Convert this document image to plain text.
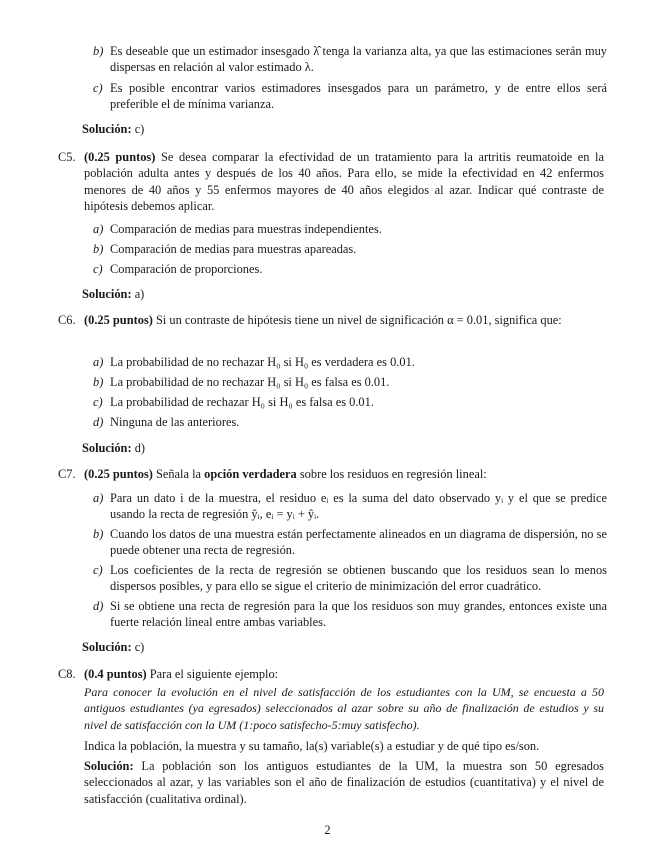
b) Es deseable que un estimador insesgado λ̂ tenga la varianza alta, ya que las estimaciones serán muy dispersas en relación al valor estimado λ.
c) Es posible encontrar varios estimadores insesgados para un parámetro, y de entre ellos será preferible el de mínima varianza.
Solución: c)
C5. (0.25 puntos) Se desea comparar la efectividad de un tratamiento para la artritis reumatoide en la población adulta antes y después de los 40 años. Para ello, se mide la efectividad en 42 enfermos menores de 40 años y 55 enfermos mayores de 40 años elegidos al azar. Indicar qué contraste de hipótesis debemos aplicar.
a) Comparación de medias para muestras independientes.
b) Comparación de medias para muestras apareadas.
c) Comparación de proporciones.
Solución: a)
C6. (0.25 puntos) Si un contraste de hipótesis tiene un nivel de significación α = 0.01, significa que:
a) La probabilidad de no rechazar H₀ si H₀ es verdadera es 0.01.
b) La probabilidad de no rechazar H₀ si H₀ es falsa es 0.01.
c) La probabilidad de rechazar H₀ si H₀ es falsa es 0.01.
d) Ninguna de las anteriores.
Solución: d)
C7. (0.25 puntos) Señala la opción verdadera sobre los residuos en regresión lineal:
a) Para un dato i de la muestra, el residuo eᵢ es la suma del dato observado yᵢ y el que se predice usando la recta de regresión ŷᵢ, eᵢ = yᵢ + ŷᵢ.
b) Cuando los datos de una muestra están perfectamente alineados en un diagrama de dispersión, no se puede obtener una recta de regresión.
c) Los coeficientes de la recta de regresión se obtienen buscando que los residuos sean lo menos dispersos posibles, y para ello se sigue el criterio de minimización del error cuadrático.
d) Si se obtiene una recta de regresión para la que los residuos son muy grandes, entonces existe una fuerte relación lineal entre ambas variables.
Solución: c)
C8. (0.4 puntos) Para el siguiente ejemplo:
Para conocer la evolución en el nivel de satisfacción de los estudiantes con la UM, se encuesta a 50 antiguos estudiantes (ya egresados) seleccionados al azar sobre su año de finalización de estudios y su nivel de satisfacción con la UM (1:poco satisfecho-5:muy satisfecho).
Indica la población, la muestra y su tamaño, la(s) variable(s) a estudiar y de qué tipo es/son.
Solución: La población son los antiguos estudiantes de la UM, la muestra son 50 egresados seleccionados al azar, y las variables son el año de finalización de estudios (cuantitativa) y el nivel de satisfacción (cualitativa ordinal).
2
